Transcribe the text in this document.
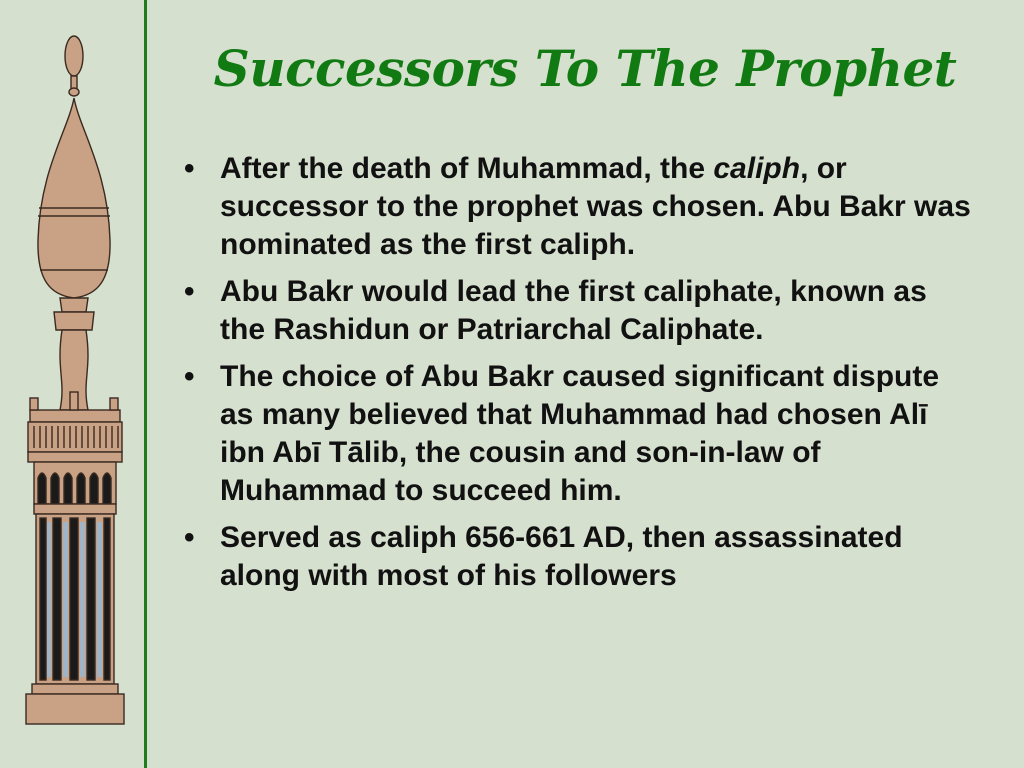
Successors To The Prophet
• After the death of Muhammad, the caliph, or successor to the prophet was chosen. Abu Bakr was nominated as the first caliph.
• Abu Bakr would lead the first caliphate, known as the Rashidun or Patriarchal Caliphate.
• The choice of Abu Bakr caused significant dispute as many believed that Muhammad had chosen Alī ibn Abī Tālib, the cousin and son-in-law of Muhammad to succeed him.
• Served as caliph 656-661 AD, then assassinated along with most of his followers
